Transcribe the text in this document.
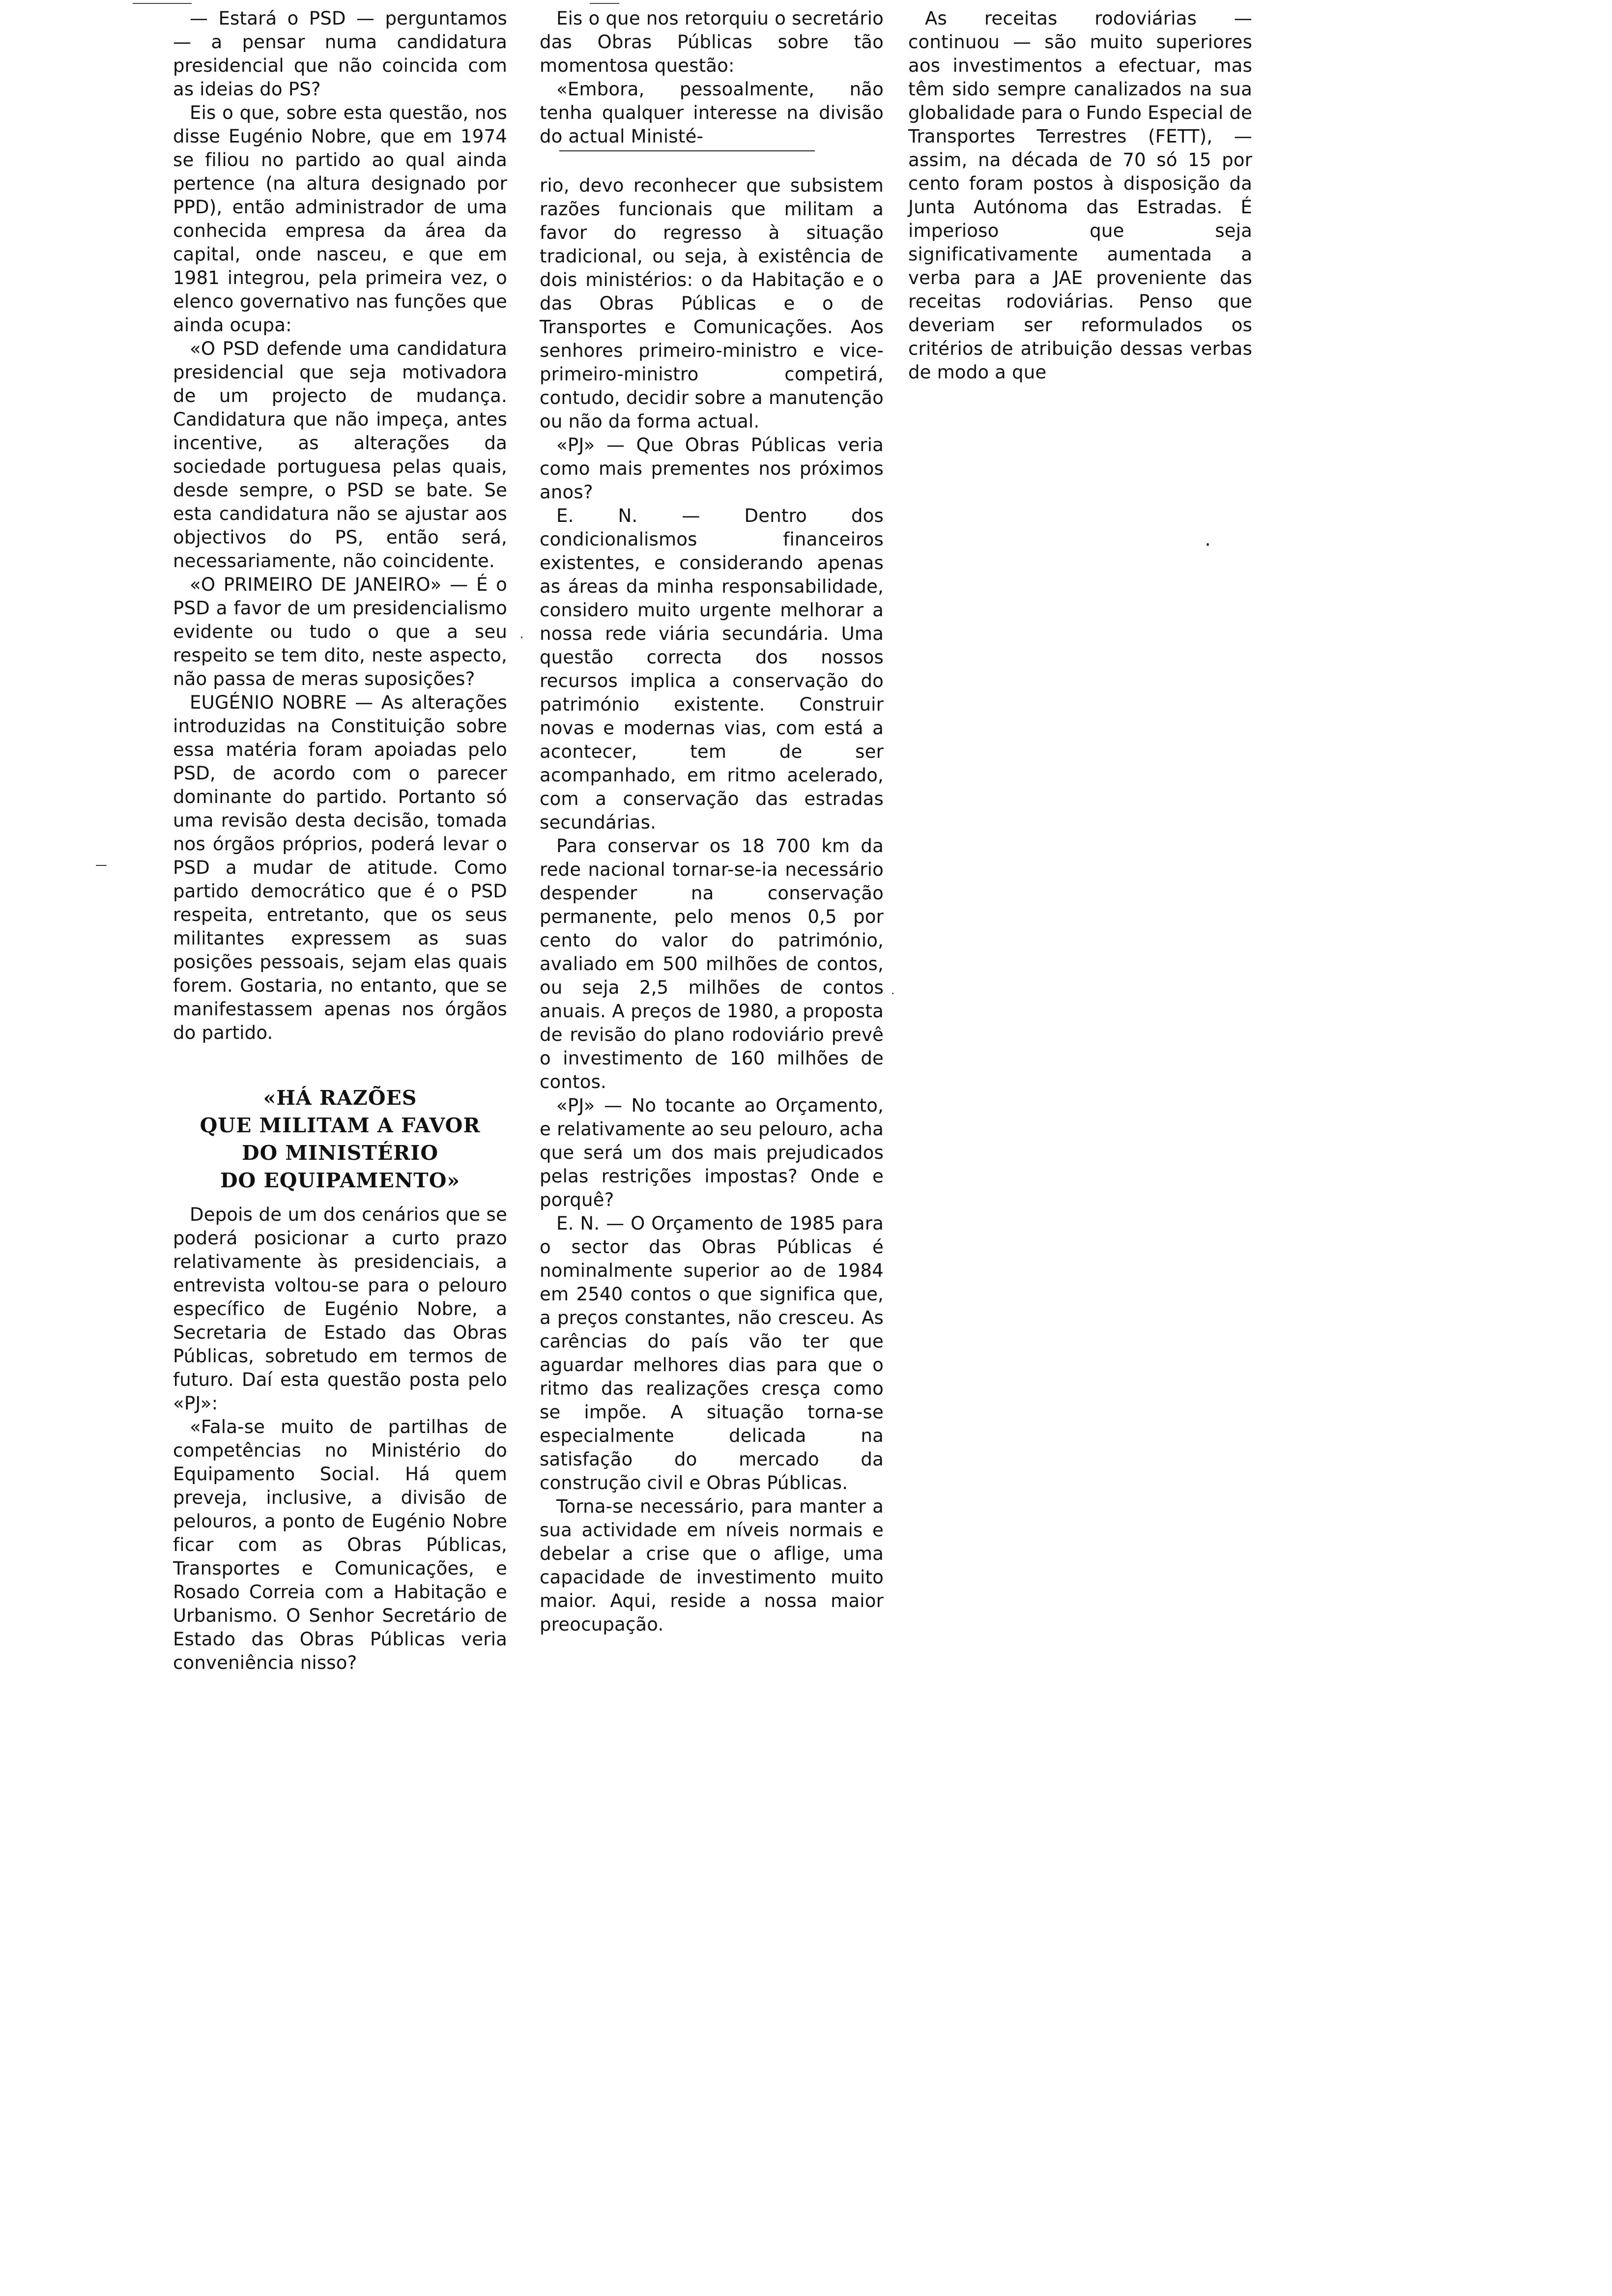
— Estará o PSD — perguntamos — a pensar numa candidatura presidencial que não coincida com as ideias do PS?

Eis o que, sobre esta questão, nos disse Eugénio Nobre, que em 1974 se filiou no partido ao qual ainda pertence (na altura designado por PPD), então administrador de uma conhecida empresa da área da capital, onde nasceu, e que em 1981 integrou, pela primeira vez, o elenco governativo nas funções que ainda ocupa:

«O PSD defende uma candidatura presidencial que seja motivadora de um projecto de mudança. Candidatura que não impeça, antes incentive, as alterações da sociedade portuguesa pelas quais, desde sempre, o PSD se bate. Se esta candidatura não se ajustar aos objectivos do PS, então será, necessariamente, não coincidente.

«O PRIMEIRO DE JANEIRO» — É o PSD a favor de um presidencialismo evidente ou tudo o que a seu respeito se tem dito, neste aspecto, não passa de meras suposições?

EUGÉNIO NOBRE — As alterações introduzidas na Constituição sobre essa matéria foram apoiadas pelo PSD, de acordo com o parecer dominante do partido. Portanto só uma revisão desta decisão, tomada nos órgãos próprios, poderá levar o PSD a mudar de atitude. Como partido democrático que é o PSD respeita, entretanto, que os seus militantes expressem as suas posições pessoais, sejam elas quais forem. Gostaria, no entanto, que se manifestassem apenas nos órgãos do partido.

«HÁ RAZÕES
QUE MILITAM A FAVOR
DO MINISTÉRIO
DO EQUIPAMENTO»

Depois de um dos cenários que se poderá posicionar a curto prazo relativamente às presidenciais, a entrevista voltou-se para o pelouro específico de Eugénio Nobre, a Secretaria de Estado das Obras Públicas, sobretudo em termos de futuro. Daí esta questão posta pelo «PJ»:

«Fala-se muito de partilhas de competências no Ministério do Equipamento Social. Há quem preveja, inclusive, a divisão de pelouros, a ponto de Eugénio Nobre ficar com as Obras Públicas, Transportes e Comunicações, e Rosado Correia com a Habitação e Urbanismo. O Senhor Secretário de Estado das Obras Públicas veria conveniência nisso?

Eis o que nos retorquiu o secretário das Obras Públicas sobre tão momentosa questão:

«Embora, pessoalmente, não tenha qualquer interesse na divisão do actual Ministé-

rio, devo reconhecer que subsistem razões funcionais que militam a favor do regresso à situação tradicional, ou seja, à existência de dois ministérios: o da Habitação e o das Obras Públicas e o de Transportes e Comunicações. Aos senhores primeiro-ministro e vice-primeiro-ministro competirá, contudo, decidir sobre a manutenção ou não da forma actual.

«PJ» — Que Obras Públicas veria como mais prementes nos próximos anos?

E. N. — Dentro dos condicionalismos financeiros existentes, e considerando apenas as áreas da minha responsabilidade, considero muito urgente melhorar a nossa rede viária secundária. Uma questão correcta dos nossos recursos implica a conservação do património existente. Construir novas e modernas vias, com está a acontecer, tem de ser acompanhado, em ritmo acelerado, com a conservação das estradas secundárias.

Para conservar os 18 700 km da rede nacional tornar-se-ia necessário despender na conservação permanente, pelo menos 0,5 por cento do valor do património, avaliado em 500 milhões de contos, ou seja 2,5 milhões de contos anuais. A preços de 1980, a proposta de revisão do plano rodoviário prevê o investimento de 160 milhões de contos.

«PJ» — No tocante ao Orçamento, e relativamente ao seu pelouro, acha que será um dos mais prejudicados pelas restrições impostas? Onde e porquê?

E. N. — O Orçamento de 1985 para o sector das Obras Públicas é nominalmente superior ao de 1984 em 2540 contos o que significa que, a preços constantes, não cresceu. As carências do país vão ter que aguardar melhores dias para que o ritmo das realizações cresça como se impõe. A situação torna-se especialmente delicada na satisfação do mercado da construção civil e Obras Públicas.

Torna-se necessário, para manter a sua actividade em níveis normais e debelar a crise que o aflige, uma capacidade de investimento muito maior. Aqui, reside a nossa maior preocupação.

As receitas rodoviárias — continuou — são muito superiores aos investimentos a efectuar, mas têm sido sempre canalizados na sua globalidade para o Fundo Especial de Transportes Terrestres (FETT), — assim, na década de 70 só 15 por cento foram postos à disposição da Junta Autónoma das Estradas. É imperioso que seja significativamente aumentada a verba para a JAE proveniente das receitas rodoviárias. Penso que deveriam ser reformulados os critérios de atribuição dessas verbas de modo a que
